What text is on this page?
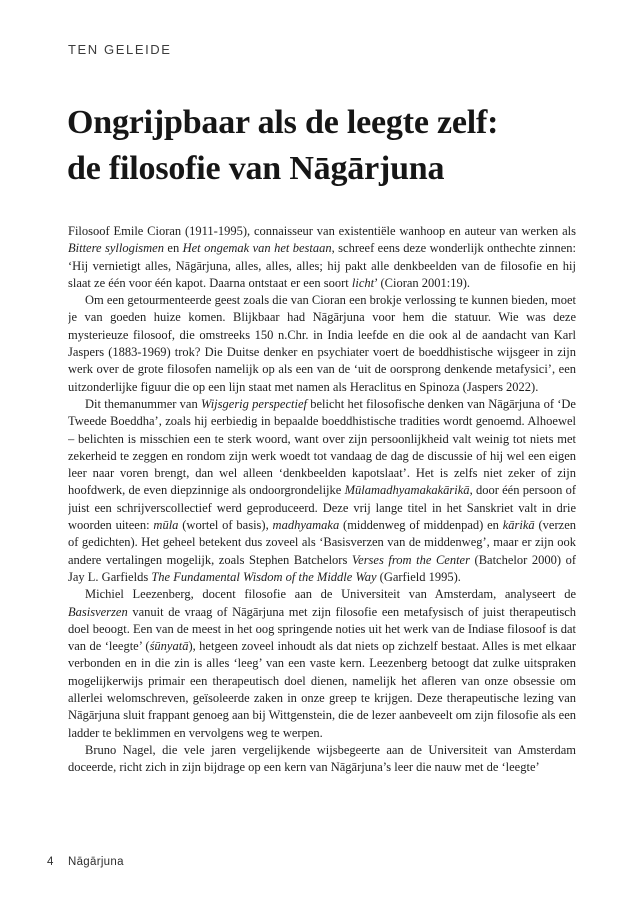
TEN GELEIDE
Ongrijpbaar als de leegte zelf:
de filosofie van Nāgārjuna

Filosoof Emile Cioran (1911-1995), connaisseur van existentiële wanhoop en auteur van werken als Bittere syllogismen en Het ongemak van het bestaan, schreef eens deze wonderlijk onthechte zinnen: ‘Hij vernietigt alles, Nāgārjuna, alles, alles, alles; hij pakt alle denkbeelden van de filosofie en hij slaat ze één voor één kapot. Daarna ontstaat er een soort licht’ (Cioran 2001:19).

Om een getourmenteerde geest zoals die van Cioran een brokje verlossing te kunnen bieden, moet je van goeden huize komen. Blijkbaar had Nāgārjuna voor hem die statuur. Wie was deze mysterieuze filosoof, die omstreeks 150 n.Chr. in India leefde en die ook al de aandacht van Karl Jaspers (1883-1969) trok? Die Duitse denker en psychiater voert de boeddhistische wijsgeer in zijn werk over de grote filosofen namelijk op als een van de ‘uit de oorsprong denkende metafysici’, een uitzonderlijke figuur die op een lijn staat met namen als Heraclitus en Spinoza (Jaspers 2022).

Dit themanummer van Wijsgerig perspectief belicht het filosofische denken van Nāgārjuna of ‘De Tweede Boeddha’, zoals hij eerbiedig in bepaalde boeddhistische tradities wordt genoemd. Alhoewel – belichten is misschien een te sterk woord, want over zijn persoonlijkheid valt weinig tot niets met zekerheid te zeggen en rondom zijn werk woedt tot vandaag de dag de discussie of hij wel een eigen leer naar voren brengt, dan wel alleen ‘denkbeelden kapotslaat’. Het is zelfs niet zeker of zijn hoofdwerk, de even diepzinnige als ondoorgrondelijke Mūlamadhyamakakārikā, door één persoon of juist een schrijverscollectief werd geproduceerd. Deze vrij lange titel in het Sanskriet valt in drie woorden uiteen: mūla (wortel of basis), madhyamaka (middenweg of middenpad) en kārikā (verzen of gedichten). Het geheel betekent dus zoveel als ‘Basisverzen van de middenweg’, maar er zijn ook andere vertalingen mogelijk, zoals Stephen Batchelors Verses from the Center (Batchelor 2000) of Jay L. Garfields The Fundamental Wisdom of the Middle Way (Garfield 1995).

Michiel Leezenberg, docent filosofie aan de Universiteit van Amsterdam, analyseert de Basisverzen vanuit de vraag of Nāgārjuna met zijn filosofie een metafysisch of juist therapeutisch doel beoogt. Een van de meest in het oog springende noties uit het werk van de Indiase filosoof is dat van de ‘leegte’ (śūnyatā), hetgeen zoveel inhoudt als dat niets op zichzelf bestaat. Alles is met elkaar verbonden en in die zin is alles ‘leeg’ van een vaste kern. Leezenberg betoogt dat zulke uitspraken mogelijkerwijs primair een therapeutisch doel dienen, namelijk het afleren van onze obsessie om allerlei welomschreven, geïsoleerde zaken in onze greep te krijgen. Deze therapeutische lezing van Nāgārjuna sluit frappant genoeg aan bij Wittgenstein, die de lezer aanbeveelt om zijn filosofie als een ladder te beklimmen en vervolgens weg te werpen.

Bruno Nagel, die vele jaren vergelijkende wijsbegeerte aan de Universiteit van Amsterdam doceerde, richt zich in zijn bijdrage op een kern van Nāgārjuna’s leer die nauw met de ‘leegte’

4	Nāgārjuna
